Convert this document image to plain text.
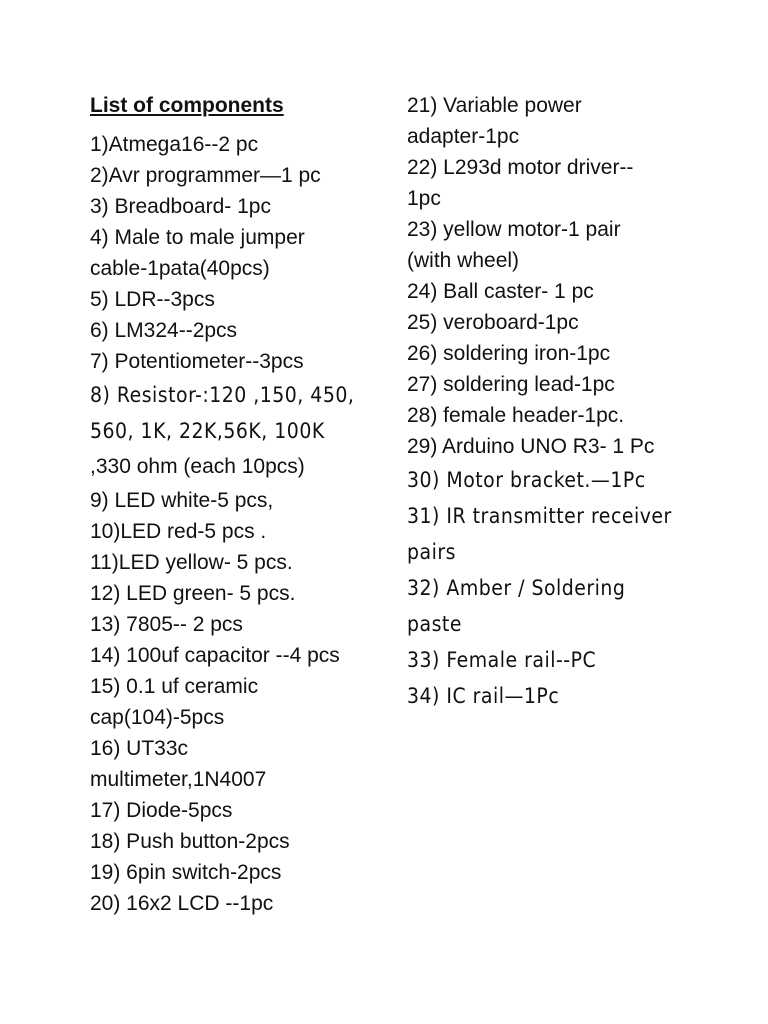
List of components
1)Atmega16--2 pc
2)Avr programmer—1 pc
3) Breadboard- 1pc
4) Male to male jumper
cable-1pata(40pcs)
5) LDR--3pcs
6) LM324--2pcs
7) Potentiometer--3pcs
8) Resistor-:120 ,150, 450,
560, 1K, 22K,56K, 100K
,330 ohm (each 10pcs)
9) LED white-5 pcs,
10)LED red-5 pcs .
11)LED yellow- 5 pcs.
12) LED green- 5 pcs.
13) 7805-- 2 pcs
14) 100uf capacitor --4 pcs
15) 0.1 uf ceramic
cap(104)-5pcs
16) UT33c
multimeter,1N4007
17) Diode-5pcs
18) Push button-2pcs
19) 6pin switch-2pcs
20) 16x2 LCD --1pc
21) Variable power
adapter-1pc
22) L293d motor driver--
1pc
23) yellow motor-1 pair
(with wheel)
24) Ball caster- 1 pc
25) veroboard-1pc
26) soldering iron-1pc
27) soldering lead-1pc
28) female header-1pc.
29) Arduino UNO R3- 1 Pc
30) Motor bracket.—1Pc
31) IR transmitter receiver
pairs
32) Amber / Soldering
paste
33) Female rail--PC
34) IC rail—1Pc
